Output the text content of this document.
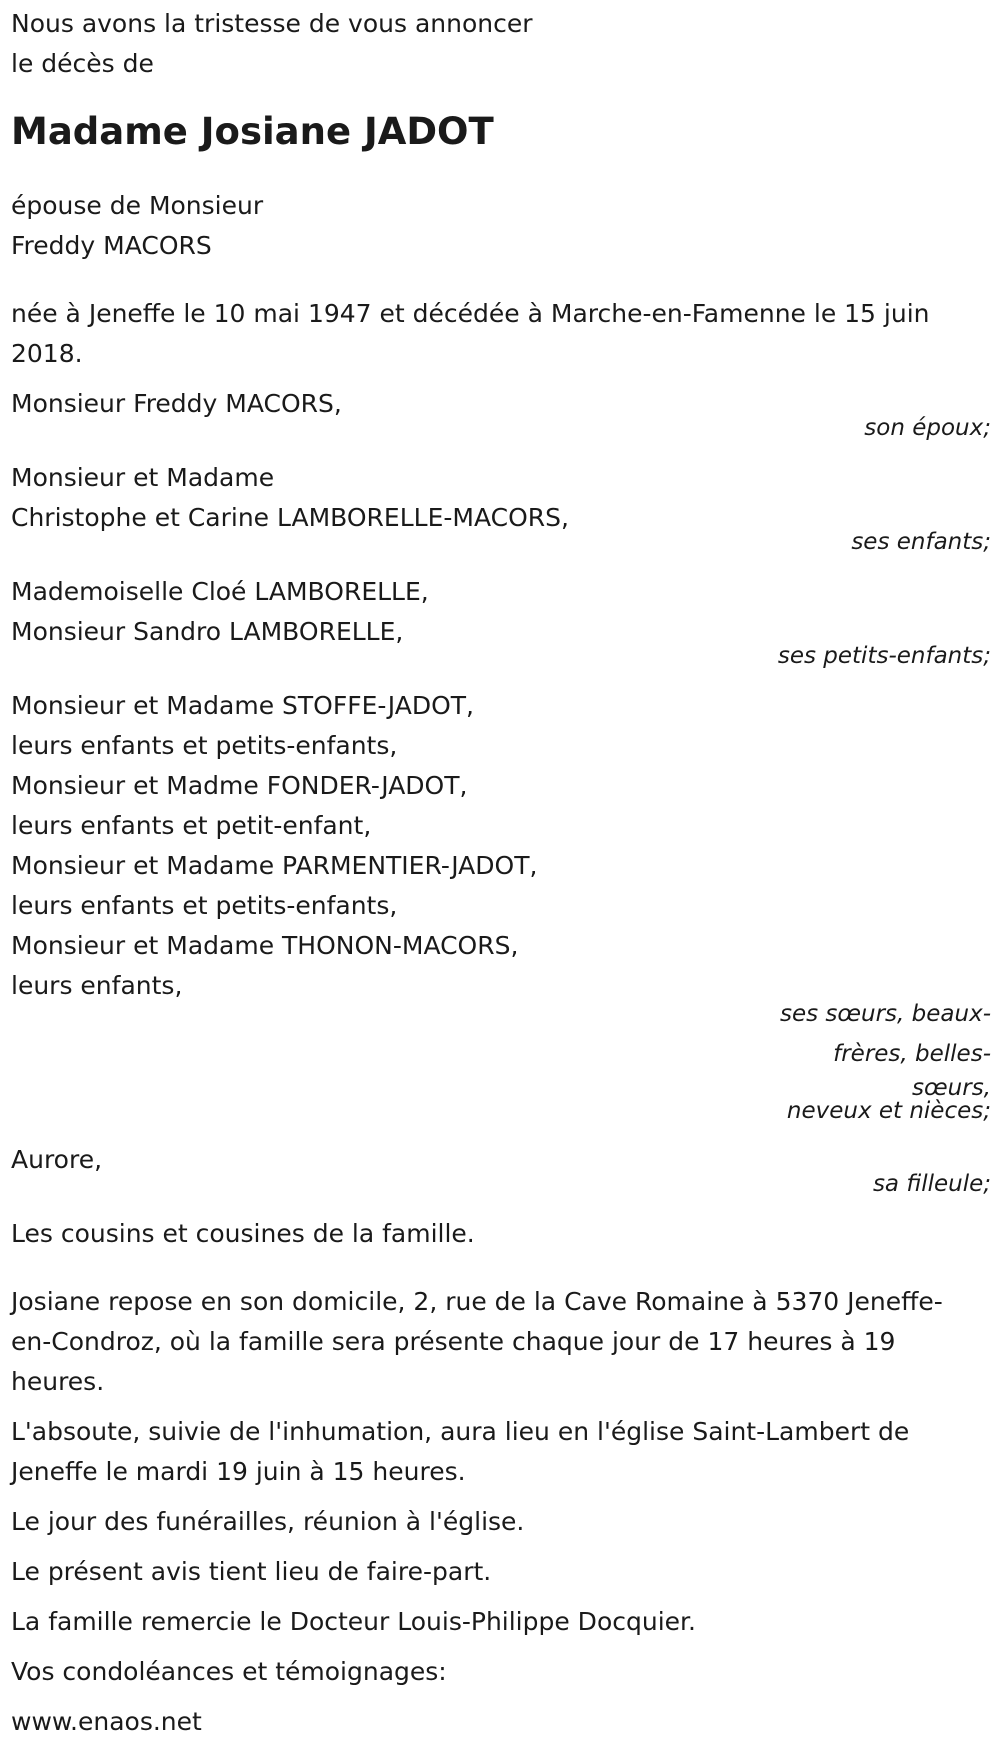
Nous avons la tristesse de vous annoncer
le décès de
Madame Josiane JADOT
épouse de Monsieur
Freddy MACORS
née à Jeneffe le 10 mai 1947 et décédée à Marche-en-Famenne le 15 juin 2018.
Monsieur Freddy MACORS,
son époux;
Monsieur et Madame
Christophe et Carine LAMBORELLE-MACORS,
ses enfants;
Mademoiselle Cloé LAMBORELLE,
Monsieur Sandro LAMBORELLE,
ses petits-enfants;
Monsieur et Madame STOFFE-JADOT,
leurs enfants et petits-enfants,
Monsieur et Madme FONDER-JADOT,
leurs enfants et petit-enfant,
Monsieur et Madame PARMENTIER-JADOT,
leurs enfants et petits-enfants,
Monsieur et Madame THONON-MACORS,
leurs enfants,
ses sœurs, beaux-
frères, belles-
sœurs,
neveux et nièces;
Aurore,
sa filleule;
Les cousins et cousines de la famille.
Josiane repose en son domicile, 2, rue de la Cave Romaine à 5370 Jeneffe-en-Condroz, où la famille sera présente chaque jour de 17 heures à 19 heures.
L'absoute, suivie de l'inhumation, aura lieu en l'église Saint-Lambert de Jeneffe le mardi 19 juin à 15 heures.
Le jour des funérailles, réunion à l'église.
Le présent avis tient lieu de faire-part.
La famille remercie le Docteur Louis-Philippe Docquier.
Vos condoléances et témoignages:
www.enaos.net
